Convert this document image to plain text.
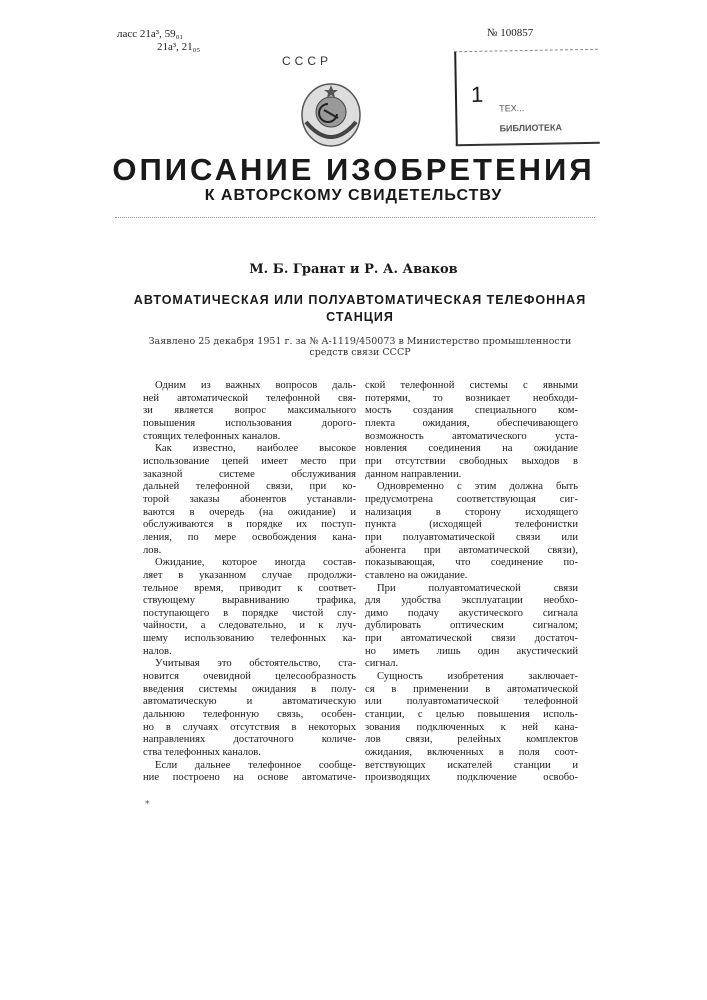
лacc 21a³, 59₀₁
21a³, 21₀₅
№ 100857
СССР
1
ТЕХ...
БИБЛИОТЕКА
ОПИСАНИЕ ИЗОБРЕТЕНИЯ
К АВТОРСКОМУ СВИДЕТЕЛЬСТВУ
М. Б. Гранат и Р. А. Аваков
АВТОМАТИЧЕСКАЯ ИЛИ ПОЛУАВТОМАТИЧЕСКАЯ ТЕЛЕФОННАЯ
СТАНЦИЯ
Заявлено 25 декабря 1951 г. за № А-1119/450073 в Министерство промышленности
средств связи СССР
Одним из важных вопросов даль-
ней автоматической телефонной свя-
зи является вопрос максимального
повышения использования дорого-
стоящих телефонных каналов.
Как известно, наиболее высокое
использование цепей имеет место при
заказной системе обслуживания
дальней телефонной связи, при ко-
торой заказы абонентов устанавли-
ваются в очередь (на ожидание) и
обслуживаются в порядке их поступ-
ления, по мере освобождения кана-
лов.
Ожидание, которое иногда состав-
ляет в указанном случае продолжи-
тельное время, приводит к соответ-
ствующему выравниванию трафика,
поступающего в порядке чистой слу-
чайности, а следовательно, и к луч-
шему использованию телефонных ка-
налов.
Учитывая это обстоятельство, ста-
новится очевидной целесообразность
введения системы ожидания в полу-
автоматическую и автоматическую
дальнюю телефонную связь, особен-
но в случаях отсутствия в некоторых
направлениях достаточного количе-
ства телефонных каналов.
Если дальнее телефонное сообще-
ние построено на основе автоматиче-
ской телефонной системы с явными
потерями, то возникает необходи-
мость создания специального ком-
плекта ожидания, обеспечивающего
возможность автоматического уста-
новления соединения на ожидание
при отсутствии свободных выходов в
данном направлении.
Одновременно с этим должна быть
предусмотрена соответствующая сиг-
нализация в сторону исходящего
пункта (исходящей телефонистки
при полуавтоматической связи или
абонента при автоматической связи),
показывающая, что соединение по-
ставлено на ожидание.
При полуавтоматической связи
для удобства эксплуатации необхо-
димо подачу акустического сигнала
дублировать оптическим сигналом;
при автоматической связи достаточ-
но иметь лишь один акустический
сигнал.
Сущность изобретения заключает-
ся в применении в автоматической
или полуавтоматической телефонной
станции, с целью повышения исполь-
зования подключенных к ней кана-
лов связи, релейных комплектов
ожидания, включенных в поля соот-
ветствующих искателей станции и
производящих подключение освобо-
*
